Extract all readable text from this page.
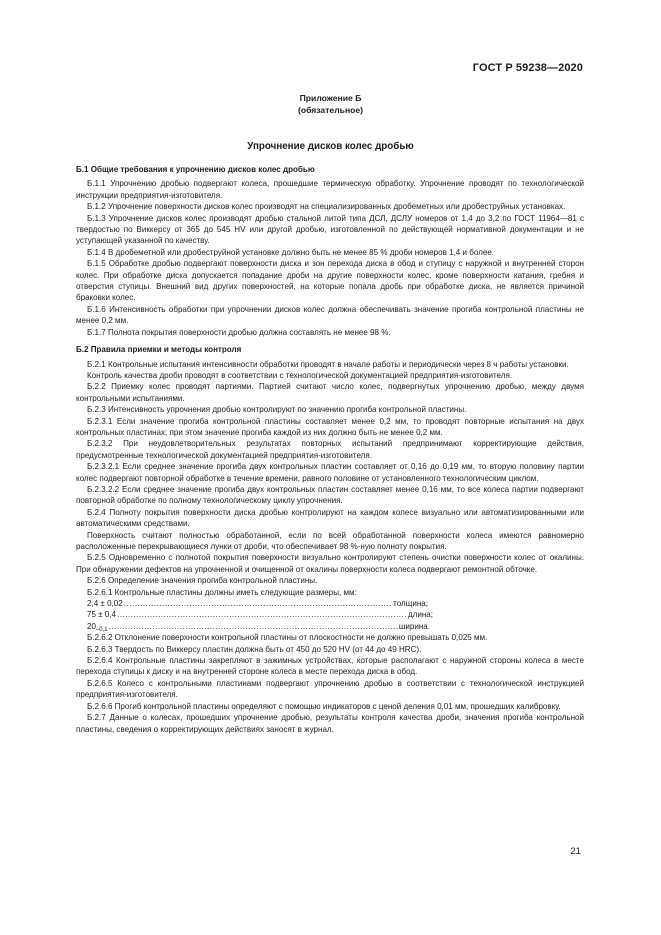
ГОСТ Р 59238—2020
Приложение Б
(обязательное)
Упрочнение дисков колес дробью
Б.1 Общие требования к упрочнению дисков колес дробью

Б.1.1 Упрочнению дробью подвергают колеса, прошедшие термическую обработку. Упрочнение проводят по технологической инструкции предприятия-изготовителя.

Б.1.2 Упрочнение поверхности дисков колес производят на специализированных дробеметных или дробеструйных установках.

Б.1.3 Упрочнение дисков колес производят дробью стальной литой типа ДСЛ, ДСЛУ номеров от 1,4 до 3,2 по ГОСТ 11964—81 с твердостью по Виккерсу от 365 до 545 HV или другой дробью, изготовленной по действующей нормативной документации и не уступающей указанной по качеству.

Б.1.4 В дробеметной или дробеструйной установке должно быть не менее 85 % дроби номеров 1,4 и более.

Б.1.5 Обработке дробью подвергают поверхности диска и зон перехода диска в обод и ступицу с наружной и внутренней сторон колес. При обработке диска допускается попадание дроби на другие поверхности колес, кроме поверхности катания, гребня и отверстия ступицы. Внешний вид других поверхностей, на которые попала дробь при обработке диска, не является причиной браковки колес.

Б.1.6 Интенсивность обработки при упрочнении дисков колес должна обеспечивать значение прогиба контрольной пластины не менее 0,2 мм.

Б.1.7 Полнота покрытия поверхности дробью должна составлять не менее 98 %.

Б.2 Правила приемки и методы контроля

Б.2.1 Контрольные испытания интенсивности обработки проводят в начале работы и периодически через 8 ч работы установки.

Контроль качества дроби проводят в соответствии с технологической документацией предприятия-изготовителя.

Б.2.2 Приемку колес проводят партиями. Партией считают число колес, подвергнутых упрочнению дробью, между двумя контрольными испытаниями.

Б.2.3 Интенсивность упрочнения дробью контролируют по значению прогиба контрольной пластины.

Б.2.3.1 Если значение прогиба контрольной пластины составляет менее 0,2 мм, то проводят повторные испытания на двух контрольных пластинах; при этом значение прогиба каждой из них должно быть не менее 0,2 мм.

Б.2.3.2 При неудовлетворительных результатах повторных испытаний предпринимают корректирующие действия, предусмотренные технологической документацией предприятия-изготовителя.

Б.2.3.2.1 Если среднее значение прогиба двух контрольных пластин составляет от 0,16 до 0,19 мм, то вторую половину партии колес подвергают повторной обработке в течение времени, равного половине от установленного технологическим циклом.

Б.2.3.2.2 Если среднее значение прогиба двух контрольных пластин составляет менее 0,16 мм, то все колеса партии подвергают повторной обработке по полному технологическому циклу упрочнения.

Б.2.4 Полноту покрытия поверхности диска дробью контролируют на каждом колесе визуально или автоматизированными или автоматическими средствами.

Поверхность считают полностью обработанной, если по всей обработанной поверхности колеса имеются равномерно расположенные перекрывающиеся лунки от дроби, что обеспечивает 98 %-ную полноту покрытия.

Б.2.5 Одновременно с полнотой покрытия поверхности визуально контролируют степень очистки поверхности колес от окалины. При обнаружении дефектов на упрочненной и очищенной от окалины поверхности колеса подвергают ремонтной обточке.

Б.2.6 Определение значения прогиба контрольной пластины.

Б.2.6.1 Контрольные пластины должны иметь следующие размеры, мм:

2,4 ± 0,02 .....	толщина;
75 ± 0,4 .....	длина;
$20_{-0,1}$ .....	ширина.

Б.2.6.2 Отклонение поверхности контрольной пластины от плоскостности не должно превышать 0,025 мм.

Б.2.6.3 Твердость по Виккерсу пластин должна быть от 450 до 520 HV (от 44 до 49 HRC).

Б.2.6.4 Контрольные пластины закрепляют в зажимных устройствах, которые располагают с наружной стороны колеса в месте перехода ступицы к диску и на внутренней стороне колеса в месте перехода диска в обод.

Б.2.6.5 Колесо с контрольными пластинами подвергают упрочнению дробью в соответствии с технологической инструкцией предприятия-изготовителя.

Б.2.6.6 Прогиб контрольной пластины определяют с помощью индикаторов с ценой деления 0,01 мм, прошедших калибровку.

Б.2.7 Данные о колесах, прошедших упрочнение дробью, результаты контроля качества дроби, значения прогиба контрольной пластины, сведения о корректирующих действиях заносят в журнал.

21
